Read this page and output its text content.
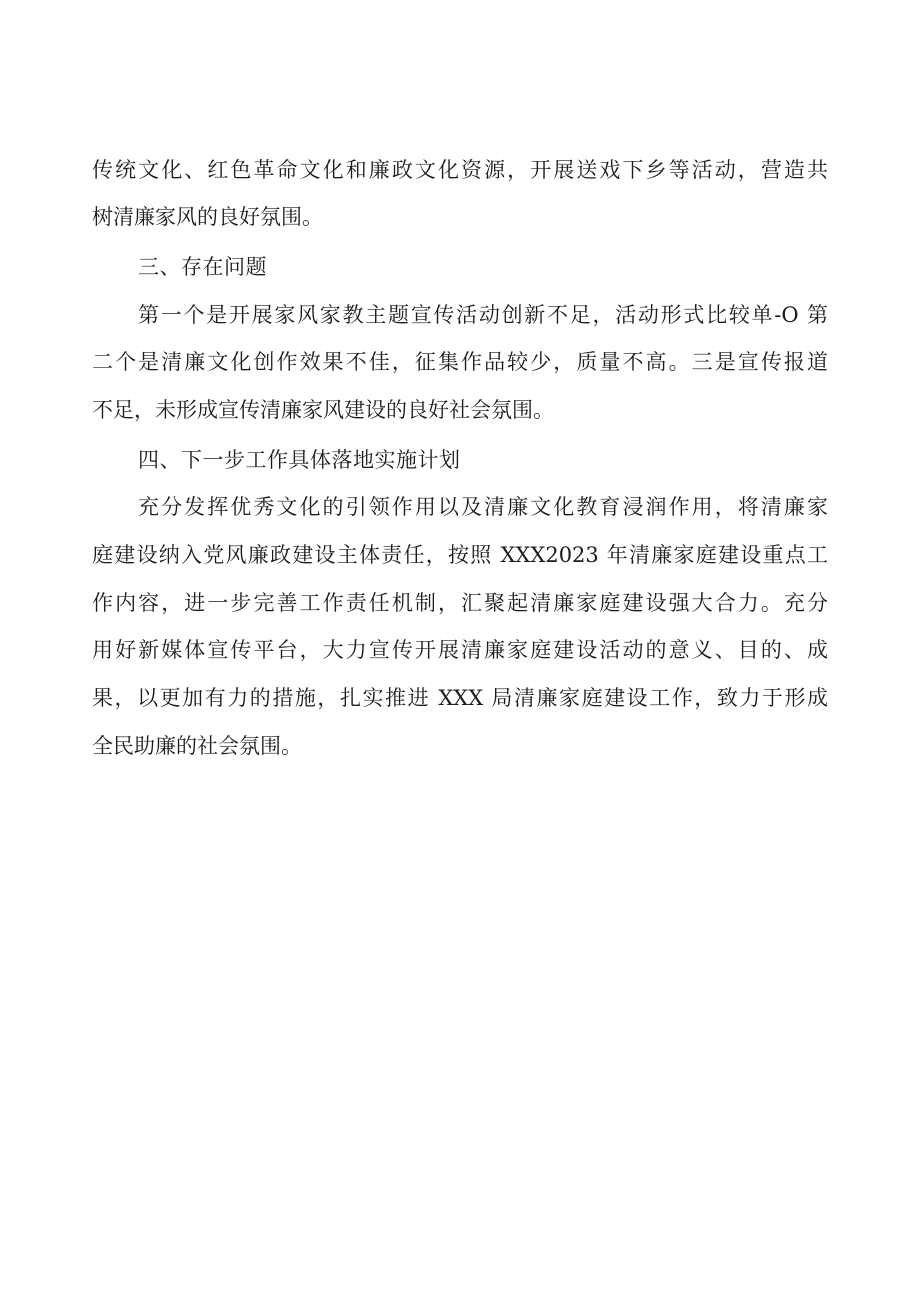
传统文化、红色革命文化和廉政文化资源，开展送戏下乡等活动，营造共
树清廉家风的良好氛围。
三、存在问题
第一个是开展家风家教主题宣传活动创新不足，活动形式比较单-O 第
二个是清廉文化创作效果不佳，征集作品较少，质量不高。三是宣传报道
不足，未形成宣传清廉家风建设的良好社会氛围。
四、下一步工作具体落地实施计划
充分发挥优秀文化的引领作用以及清廉文化教育浸润作用，将清廉家
庭建设纳入党风廉政建设主体责任，按照 XXX2023 年清廉家庭建设重点工
作内容，进一步完善工作责任机制，汇聚起清廉家庭建设强大合力。充分
用好新媒体宣传平台，大力宣传开展清廉家庭建设活动的意义、目的、成
果，以更加有力的措施，扎实推进 XXX 局清廉家庭建设工作，致力于形成
全民助廉的社会氛围。
